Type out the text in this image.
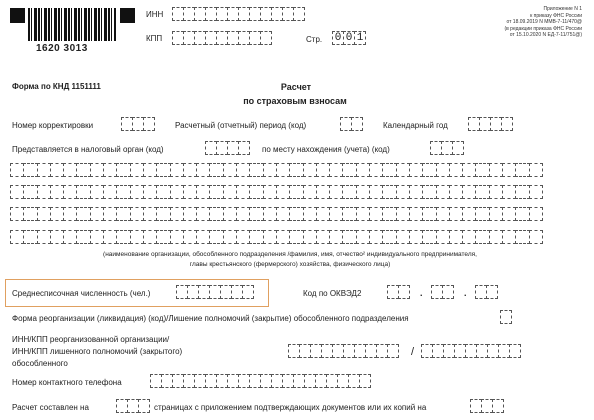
1620 3013
ИНН
КПП	Стр. 0 0 1
Приложение N 1
к приказу ФНС России
от 18.09.2019 N ММВ-7-11/470@
(в редакции приказа ФНС России
от 15.10.2020 N ЕД-7-11/751@)
Форма по КНД 1151111	Расчет
по страховым взносам
Номер корректировки	Расчетный (отчетный) период (код)	Календарный год
Представляется в налоговый орган (код)	по месту нахождения (учета) (код)
(наименование организации, обособленного подразделения /фамилия, имя, отчество² индивидуального предпринимателя,
главы крестьянского (фермерского) хозяйства, физического лица)
Среднесписочная численность (чел.)	Код по ОКВЭД2	.	.
Форма реорганизации (ликвидация) (код)/Лишение полномочий (закрытие) обособленного подразделения
ИНН/КПП реорганизованной организации/
ИНН/КПП лишенного полномочий (закрытого)
обособленного
/
Номер контактного телефона
Расчет составлен на	страницах с приложением подтверждающих документов или их копий на
